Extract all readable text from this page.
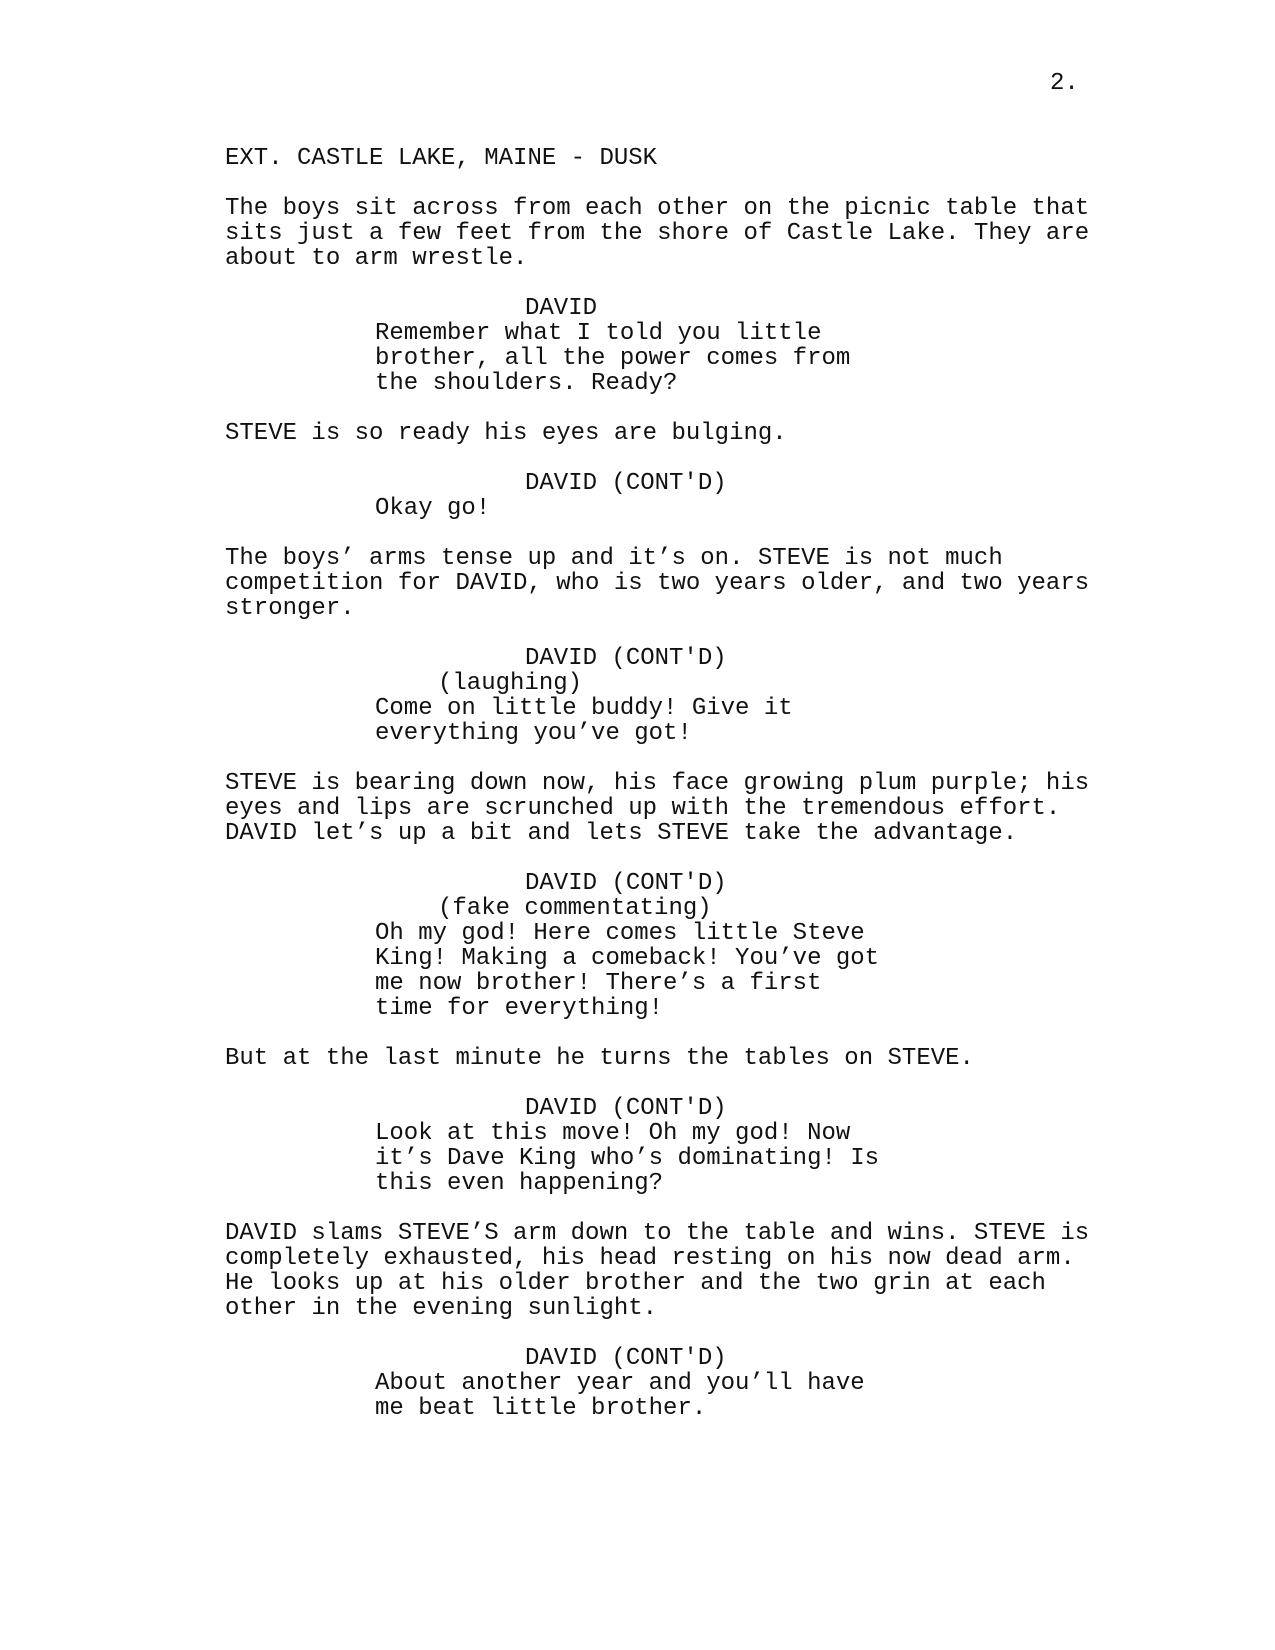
2.
EXT. CASTLE LAKE, MAINE - DUSK
The boys sit across from each other on the picnic table that
sits just a few feet from the shore of Castle Lake. They are
about to arm wrestle.
DAVID
Remember what I told you little
brother, all the power comes from
the shoulders. Ready?
STEVE is so ready his eyes are bulging.
DAVID (CONT'D)
Okay go!
The boys’ arms tense up and it’s on. STEVE is not much
competition for DAVID, who is two years older, and two years
stronger.
DAVID (CONT'D)
(laughing)
Come on little buddy! Give it
everything you’ve got!
STEVE is bearing down now, his face growing plum purple; his
eyes and lips are scrunched up with the tremendous effort.
DAVID let’s up a bit and lets STEVE take the advantage.
DAVID (CONT'D)
(fake commentating)
Oh my god! Here comes little Steve
King! Making a comeback! You’ve got
me now brother! There’s a first
time for everything!
But at the last minute he turns the tables on STEVE.
DAVID (CONT'D)
Look at this move! Oh my god! Now
it’s Dave King who’s dominating! Is
this even happening?
DAVID slams STEVE’S arm down to the table and wins. STEVE is
completely exhausted, his head resting on his now dead arm.
He looks up at his older brother and the two grin at each
other in the evening sunlight.
DAVID (CONT'D)
About another year and you’ll have
me beat little brother.
